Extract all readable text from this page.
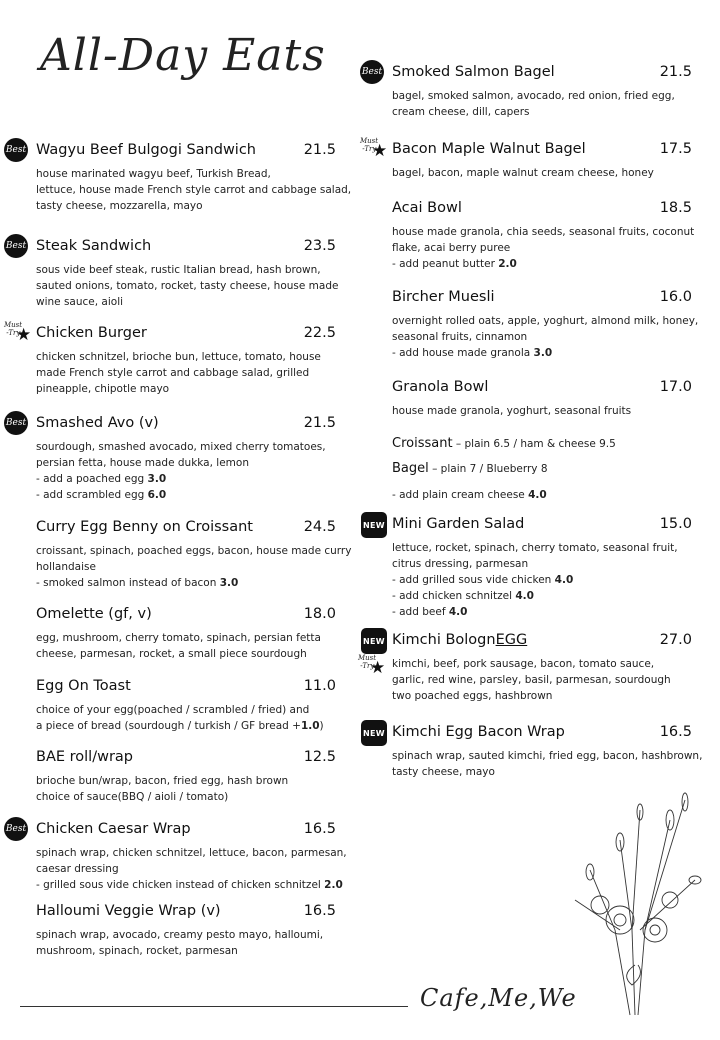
All-Day Eats
Wagyu Beef Bulgogi Sandwich	21.5
house marinated wagyu beef, Turkish Bread,
lettuce, house made French style carrot and cabbage salad,
tasty cheese, mozzarella, mayo
Best
Steak Sandwich	23.5
sous vide beef steak, rustic Italian bread, hash brown,
sauted onions, tomato, rocket, tasty cheese, house made
wine sauce, aioli
Best
Chicken Burger	22.5
chicken schnitzel, brioche bun, lettuce, tomato, house
made French style carrot and cabbage salad, grilled
pineapple, chipotle mayo
Must
-Try
★
Smashed Avo (v)	21.5
sourdough, smashed avocado, mixed cherry tomatoes,
persian fetta, house made dukka, lemon
- add a poached egg 3.0
- add scrambled egg 6.0
Best
Curry Egg Benny on Croissant	24.5
croissant, spinach, poached eggs, bacon, house made curry
hollandaise
- smoked salmon instead of bacon 3.0
Omelette (gf, v)	18.0
egg, mushroom, cherry tomato, spinach, persian fetta
cheese, parmesan, rocket, a small piece sourdough
Egg On Toast	11.0
choice of your egg(poached / scrambled / fried) and
a piece of bread (sourdough / turkish / GF bread +1.0)
BAE roll/wrap	12.5
brioche bun/wrap, bacon, fried egg, hash brown
choice of sauce(BBQ / aioli / tomato)
Chicken Caesar Wrap	16.5
spinach wrap, chicken schnitzel, lettuce, bacon, parmesan,
caesar dressing
- grilled sous vide chicken instead of chicken schnitzel 2.0
Best
Halloumi Veggie Wrap (v)	16.5
spinach wrap, avocado, creamy pesto mayo, halloumi,
mushroom, spinach, rocket, parmesan
Smoked Salmon Bagel	21.5
bagel, smoked salmon, avocado, red onion, fried egg,
cream cheese, dill, capers
Best
Bacon Maple Walnut Bagel	17.5
bagel, bacon, maple walnut cream cheese, honey
Must
-Try
★
Acai Bowl	18.5
house made granola, chia seeds, seasonal fruits, coconut
flake, acai berry puree
- add peanut butter 2.0
Bircher Muesli	16.0
overnight rolled oats, apple, yoghurt, almond milk, honey,
seasonal fruits, cinnamon
- add house made granola 3.0
Granola Bowl	17.0
house made granola, yoghurt, seasonal fruits
Mini Garden Salad	15.0
lettuce, rocket, spinach, cherry tomato, seasonal fruit,
citrus dressing, parmesan
- add grilled sous vide chicken 4.0
- add chicken schnitzel 4.0
- add beef 4.0
NEW
Kimchi BolognEGG	27.0
kimchi, beef, pork sausage, bacon, tomato sauce,
garlic, red wine, parsley, basil, parmesan, sourdough
two poached eggs, hashbrown
NEW
Must
-Try
★
Kimchi Egg Bacon Wrap	16.5
spinach wrap, sauted kimchi, fried egg, bacon, hashbrown,
tasty cheese, mayo
NEW
Croissant – plain 6.5 / ham & cheese 9.5
Bagel – plain 7 / Blueberry 8
- add plain cream cheese 4.0
Cafe,Me,We
